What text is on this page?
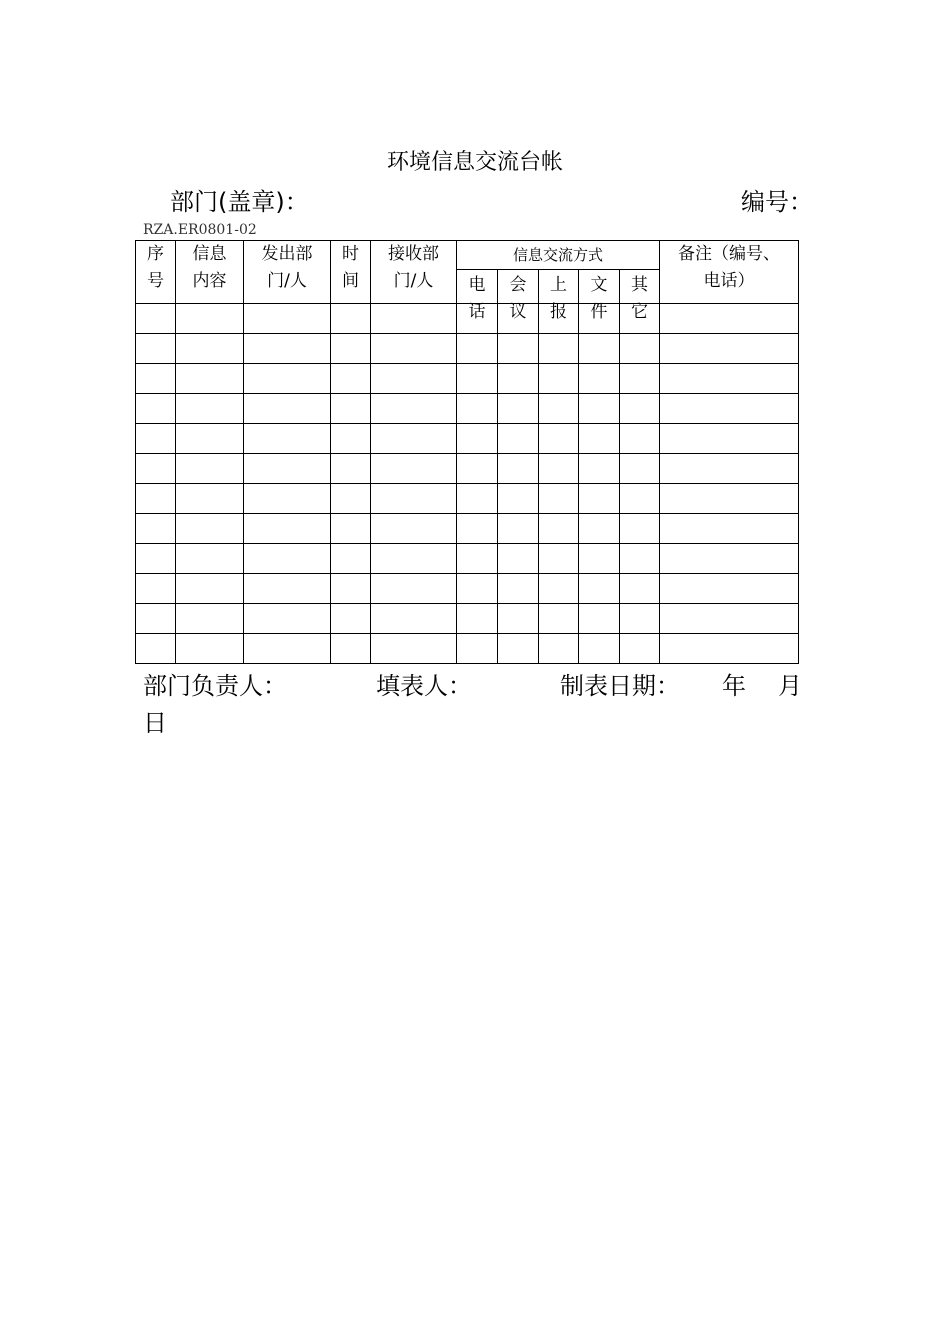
环境信息交流台帐
部门(盖章)：	编号：
RZA.ER0801-02
序号	信息内容	发出部门/人	时间	接收部门/人	信息交流方式					备注（编号、电话）

					电话	会议	上报	文件	其它	

部门负责人：	填表人：	制表日期： 年 月
日
